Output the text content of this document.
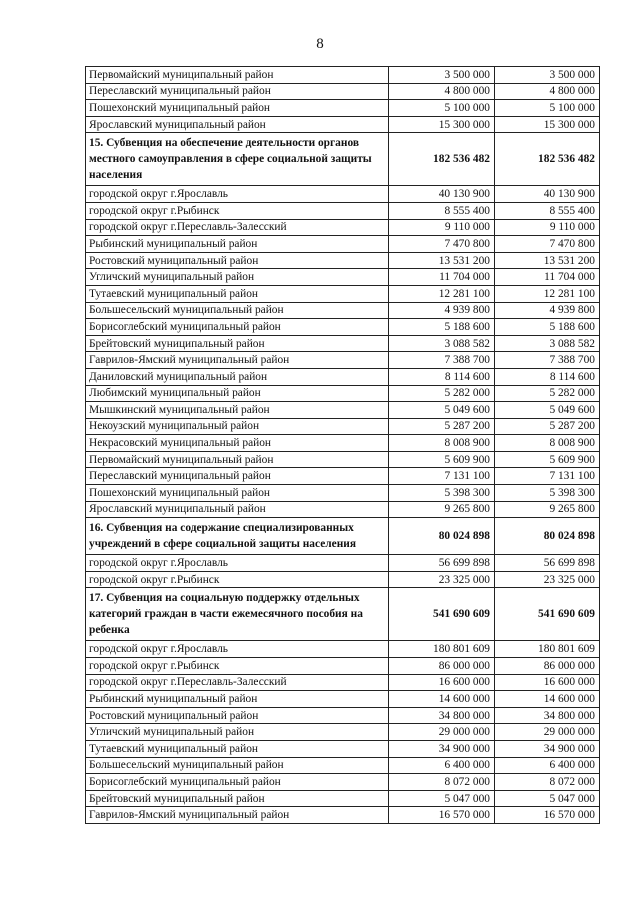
8
Первомайский муниципальный район	3 500 000	3 500 000
Переславский муниципальный район	4 800 000	4 800 000
Пошехонский муниципальный район	5 100 000	5 100 000
Ярославский муниципальный район	15 300 000	15 300 000
15. Субвенция на обеспечение деятельности органов местного самоуправления в сфере социальной защиты населения	182 536 482	182 536 482
городской округ г.Ярославль	40 130 900	40 130 900
городской округ г.Рыбинск	8 555 400	8 555 400
городской округ г.Переславль-Залесский	9 110 000	9 110 000
Рыбинский муниципальный район	7 470 800	7 470 800
Ростовский муниципальный район	13 531 200	13 531 200
Угличский муниципальный район	11 704 000	11 704 000
Тутаевский муниципальный район	12 281 100	12 281 100
Большесельский муниципальный район	4 939 800	4 939 800
Борисоглебский муниципальный район	5 188 600	5 188 600
Брейтовский муниципальный район	3 088 582	3 088 582
Гаврилов-Ямский муниципальный район	7 388 700	7 388 700
Даниловский муниципальный район	8 114 600	8 114 600
Любимский муниципальный район	5 282 000	5 282 000
Мышкинский муниципальный район	5 049 600	5 049 600
Некоузский муниципальный район	5 287 200	5 287 200
Некрасовский муниципальный район	8 008 900	8 008 900
Первомайский муниципальный район	5 609 900	5 609 900
Переславский муниципальный район	7 131 100	7 131 100
Пошехонский муниципальный район	5 398 300	5 398 300
Ярославский муниципальный район	9 265 800	9 265 800
16. Субвенция на содержание специализированных учреждений в сфере социальной защиты населения	80 024 898	80 024 898
городской округ г.Ярославль	56 699 898	56 699 898
городской округ г.Рыбинск	23 325 000	23 325 000
17. Субвенция на социальную поддержку отдельных категорий граждан в части ежемесячного пособия на ребенка	541 690 609	541 690 609
городской округ г.Ярославль	180 801 609	180 801 609
городской округ г.Рыбинск	86 000 000	86 000 000
городской округ г.Переславль-Залесский	16 600 000	16 600 000
Рыбинский муниципальный район	14 600 000	14 600 000
Ростовский муниципальный район	34 800 000	34 800 000
Угличский муниципальный район	29 000 000	29 000 000
Тутаевский муниципальный район	34 900 000	34 900 000
Большесельский муниципальный район	6 400 000	6 400 000
Борисоглебский муниципальный район	8 072 000	8 072 000
Брейтовский муниципальный район	5 047 000	5 047 000
Гаврилов-Ямский муниципальный район	16 570 000	16 570 000
